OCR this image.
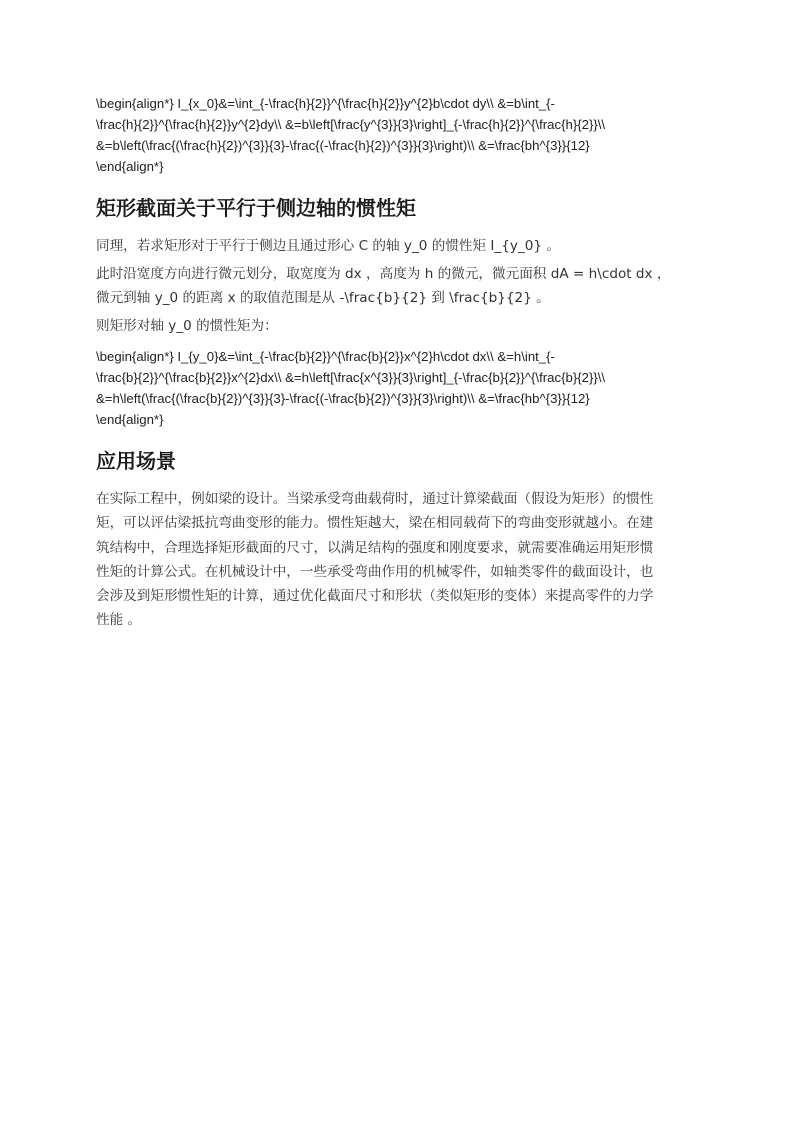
\begin{align*} I_{x_0}&=\int_{-\frac{h}{2}}^{\frac{h}{2}}y^{2}b\cdot dy\\ &=b\int_{-
\frac{h}{2}}^{\frac{h}{2}}y^{2}dy\\ &=b\left[\frac{y^{3}}{3}\right]_{-\frac{h}{2}}^{\frac{h}{2}}\\
&=b\left(\frac{(\frac{h}{2})^{3}}{3}-\frac{(-\frac{h}{2})^{3}}{3}\right)\\ &=\frac{bh^{3}}{12}
\end{align*}
矩形截面关于平行于侧边轴的惯性矩

同理，若求矩形对于平行于侧边且通过形心 C 的轴 y_0 的惯性矩 I_{y_0} 。

此时沿宽度方向进行微元划分，取宽度为 dx ，高度为 h 的微元，微元面积 dA = h\cdot dx ，
微元到轴 y_0 的距离 x 的取值范围是从 -\frac{b}{2} 到 \frac{b}{2} 。

则矩形对轴 y_0 的惯性矩为：

\begin{align*} I_{y_0}&=\int_{-\frac{b}{2}}^{\frac{b}{2}}x^{2}h\cdot dx\\ &=h\int_{-
\frac{b}{2}}^{\frac{b}{2}}x^{2}dx\\ &=h\left[\frac{x^{3}}{3}\right]_{-\frac{b}{2}}^{\frac{b}{2}}\\
&=h\left(\frac{(\frac{b}{2})^{3}}{3}-\frac{(-\frac{b}{2})^{3}}{3}\right)\\ &=\frac{hb^{3}}{12}
\end{align*}
应用场景

在实际工程中，例如梁的设计。当梁承受弯曲载荷时，通过计算梁截面（假设为矩形）的惯性
矩，可以评估梁抵抗弯曲变形的能力。惯性矩越大，梁在相同载荷下的弯曲变形就越小。在建
筑结构中，合理选择矩形截面的尺寸，以满足结构的强度和刚度要求，就需要准确运用矩形惯
性矩的计算公式。在机械设计中，一些承受弯曲作用的机械零件，如轴类零件的截面设计，也
会涉及到矩形惯性矩的计算，通过优化截面尺寸和形状（类似矩形的变体）来提高零件的力学
性能 。
